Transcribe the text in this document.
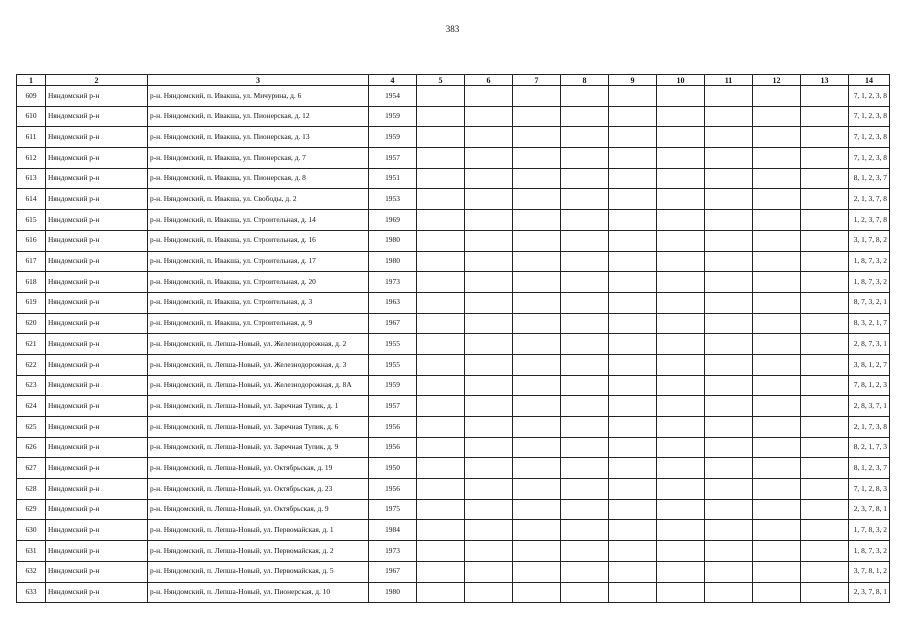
383
1	2	3	4	5	6	7	8	9	10	11	12	13	14
609	Няндомский р-н	р-н. Няндомский, п. Ивакша, ул. Мичурина, д. 6	1954										7, 1, 2, 3, 8
610	Няндомский р-н	р-н. Няндомский, п. Ивакша, ул. Пионерская, д. 12	1959										7, 1, 2, 3, 8
611	Няндомский р-н	р-н. Няндомский, п. Ивакша, ул. Пионерская, д. 13	1959										7, 1, 2, 3, 8
612	Няндомский р-н	р-н. Няндомский, п. Ивакша, ул. Пионерская, д. 7	1957										7, 1, 2, 3, 8
613	Няндомский р-н	р-н. Няндомский, п. Ивакша, ул. Пионерская, д. 8	1951										8, 1, 2, 3, 7
614	Няндомский р-н	р-н. Няндомский, п. Ивакша, ул. Свободы, д. 2	1953										2, 1, 3, 7, 8
615	Няндомский р-н	р-н. Няндомский, п. Ивакша, ул. Строительная, д. 14	1969										1, 2, 3, 7, 8
616	Няндомский р-н	р-н. Няндомский, п. Ивакша, ул. Строительная, д. 16	1980										3, 1, 7, 8, 2
617	Няндомский р-н	р-н. Няндомский, п. Ивакша, ул. Строительная, д. 17	1980										1, 8, 7, 3, 2
618	Няндомский р-н	р-н. Няндомский, п. Ивакша, ул. Строительная, д. 20	1973										1, 8, 7, 3, 2
619	Няндомский р-н	р-н. Няндомский, п. Ивакша, ул. Строительная, д. 3	1963										8, 7, 3, 2, 1
620	Няндомский р-н	р-н. Няндомский, п. Ивакша, ул. Строительная, д. 9	1967										8, 3, 2, 1, 7
621	Няндомский р-н	р-н. Няндомский, п. Лепша-Новый, ул. Железнодорожная, д. 2	1955										2, 8, 7, 3, 1
622	Няндомский р-н	р-н. Няндомский, п. Лепша-Новый, ул. Железнодорожная, д. 3	1955										3, 8, 1, 2, 7
623	Няндомский р-н	р-н. Няндомский, п. Лепша-Новый, ул. Железнодорожная, д. 8А	1959										7, 8, 1, 2, 3
624	Няндомский р-н	р-н. Няндомский, п. Лепша-Новый, ул. Заречная Тупик, д. 1	1957										2, 8, 3, 7, 1
625	Няндомский р-н	р-н. Няндомский, п. Лепша-Новый, ул. Заречная Тупик, д. 6	1956										2, 1, 7, 3, 8
626	Няндомский р-н	р-н. Няндомский, п. Лепша-Новый, ул. Заречная Тупик, д. 9	1956										8, 2, 1, 7, 3
627	Няндомский р-н	р-н. Няндомский, п. Лепша-Новый, ул. Октябрьская, д. 19	1950										8, 1, 2, 3, 7
628	Няндомский р-н	р-н. Няндомский, п. Лепша-Новый, ул. Октябрьская, д. 23	1956										7, 1, 2, 8, 3
629	Няндомский р-н	р-н. Няндомский, п. Лепша-Новый, ул. Октябрьская, д. 9	1975										2, 3, 7, 8, 1
630	Няндомский р-н	р-н. Няндомский, п. Лепша-Новый, ул. Первомайская, д. 1	1984										1, 7, 8, 3, 2
631	Няндомский р-н	р-н. Няндомский, п. Лепша-Новый, ул. Первомайская, д. 2	1973										1, 8, 7, 3, 2
632	Няндомский р-н	р-н. Няндомский, п. Лепша-Новый, ул. Первомайская, д. 5	1967										3, 7, 8, 1, 2
633	Няндомский р-н	р-н. Няндомский, п. Лепша-Новый, ул. Пионерская, д. 10	1980										2, 3, 7, 8, 1
